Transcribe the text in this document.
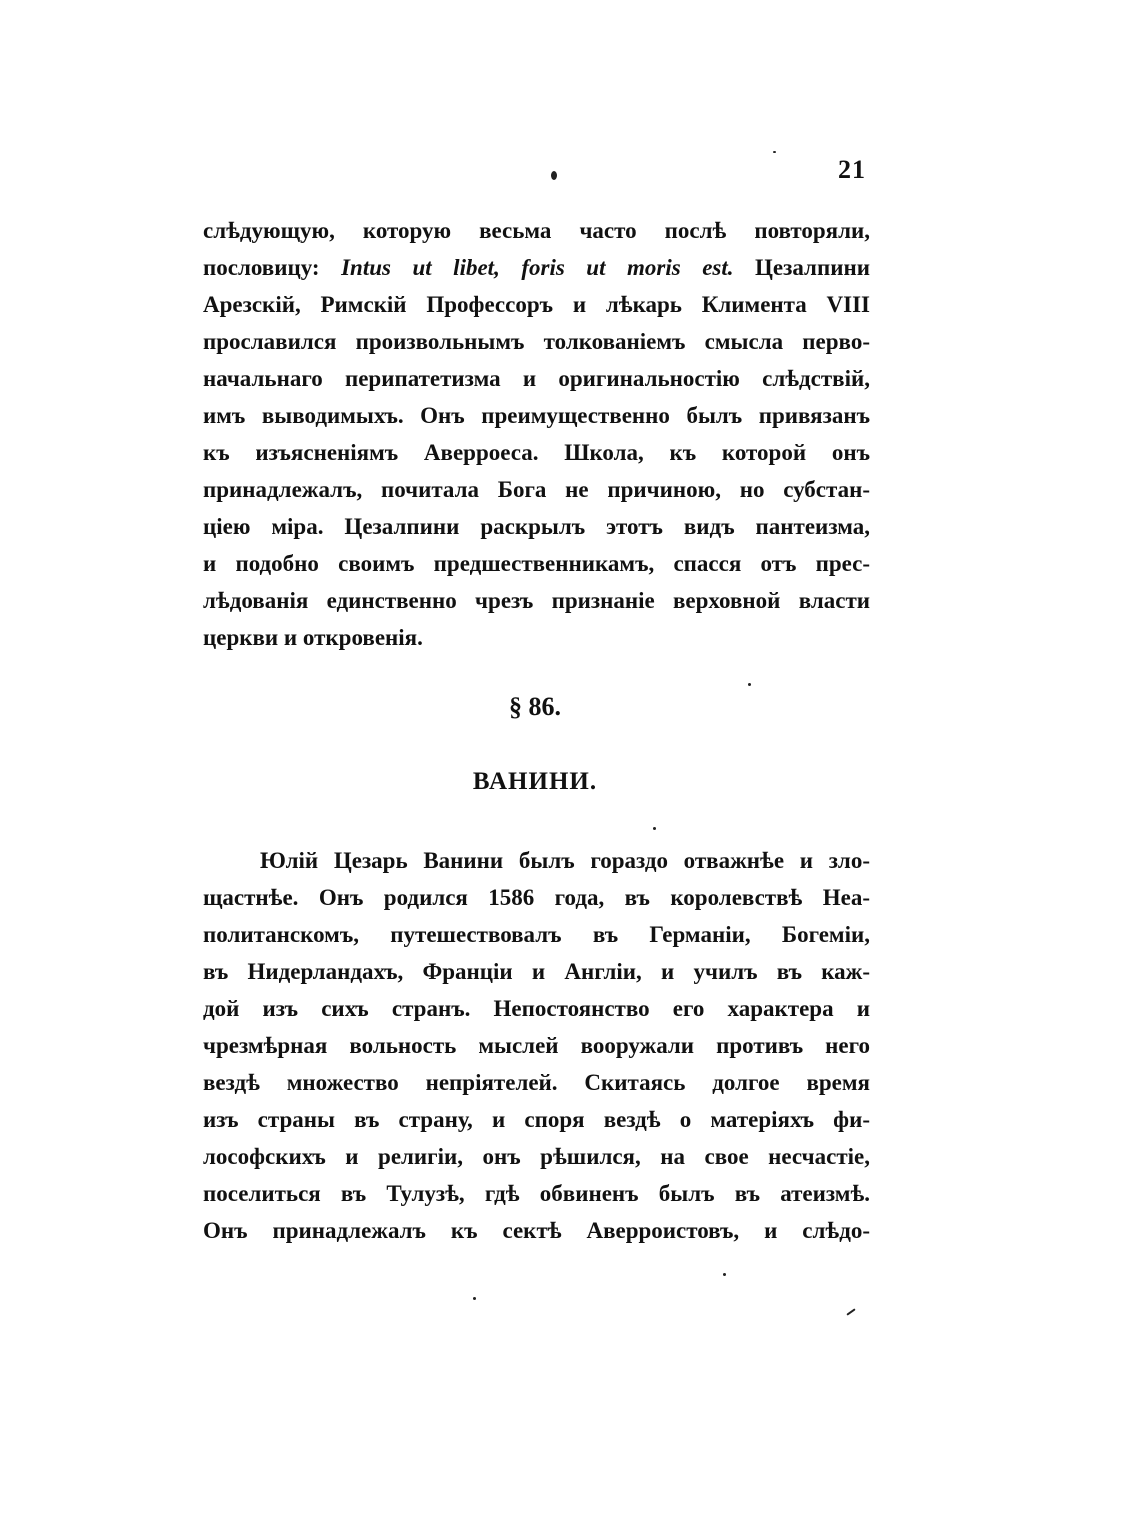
21
слѣдующую, которую весьма часто послѣ повторяли,
пословицу: Intus ut libet, foris ut moris est. Цезалпини
Арезскій, Римскій Профессоръ и лѣкарь Климента VIII
прославился произвольнымъ толкованіемъ смысла перво-
начальнаго перипатетизма и оригинальностію слѣдствій,
имъ выводимыхъ. Онъ преимущественно былъ привязанъ
къ изъясненіямъ Аверроеса. Школа, къ которой онъ
принадлежалъ, почитала Бога не причиною, но субстан-
ціею міра. Цезалпини раскрылъ этотъ видъ пантеизма,
и подобно своимъ предшественникамъ, спасся отъ прес-
лѣдованія единственно чрезъ признаніе верховной власти
церкви и откровенія.
§ 86.
ВАНИНИ.
Юлій Цезарь Ванини былъ гораздо отважнѣе и зло-
щастнѣе. Онъ родился 1586 года, въ королевствѣ Неа-
политанскомъ, путешествовалъ въ Германіи, Богеміи,
въ Нидерландахъ, Франціи и Англіи, и училъ въ каж-
дой изъ сихъ странъ. Непостоянство его характера и
чрезмѣрная вольность мыслей вооружали противъ него
вездѣ множество непріятелей. Скитаясь долгое время
изъ страны въ страну, и споря вездѣ о матеріяхъ фи-
лософскихъ и религіи, онъ рѣшился, на свое несчастіе,
поселиться въ Тулузѣ, гдѣ обвиненъ былъ въ атеизмѣ.
Онъ принадлежалъ къ сектѣ Аверроистовъ, и слѣдо-
